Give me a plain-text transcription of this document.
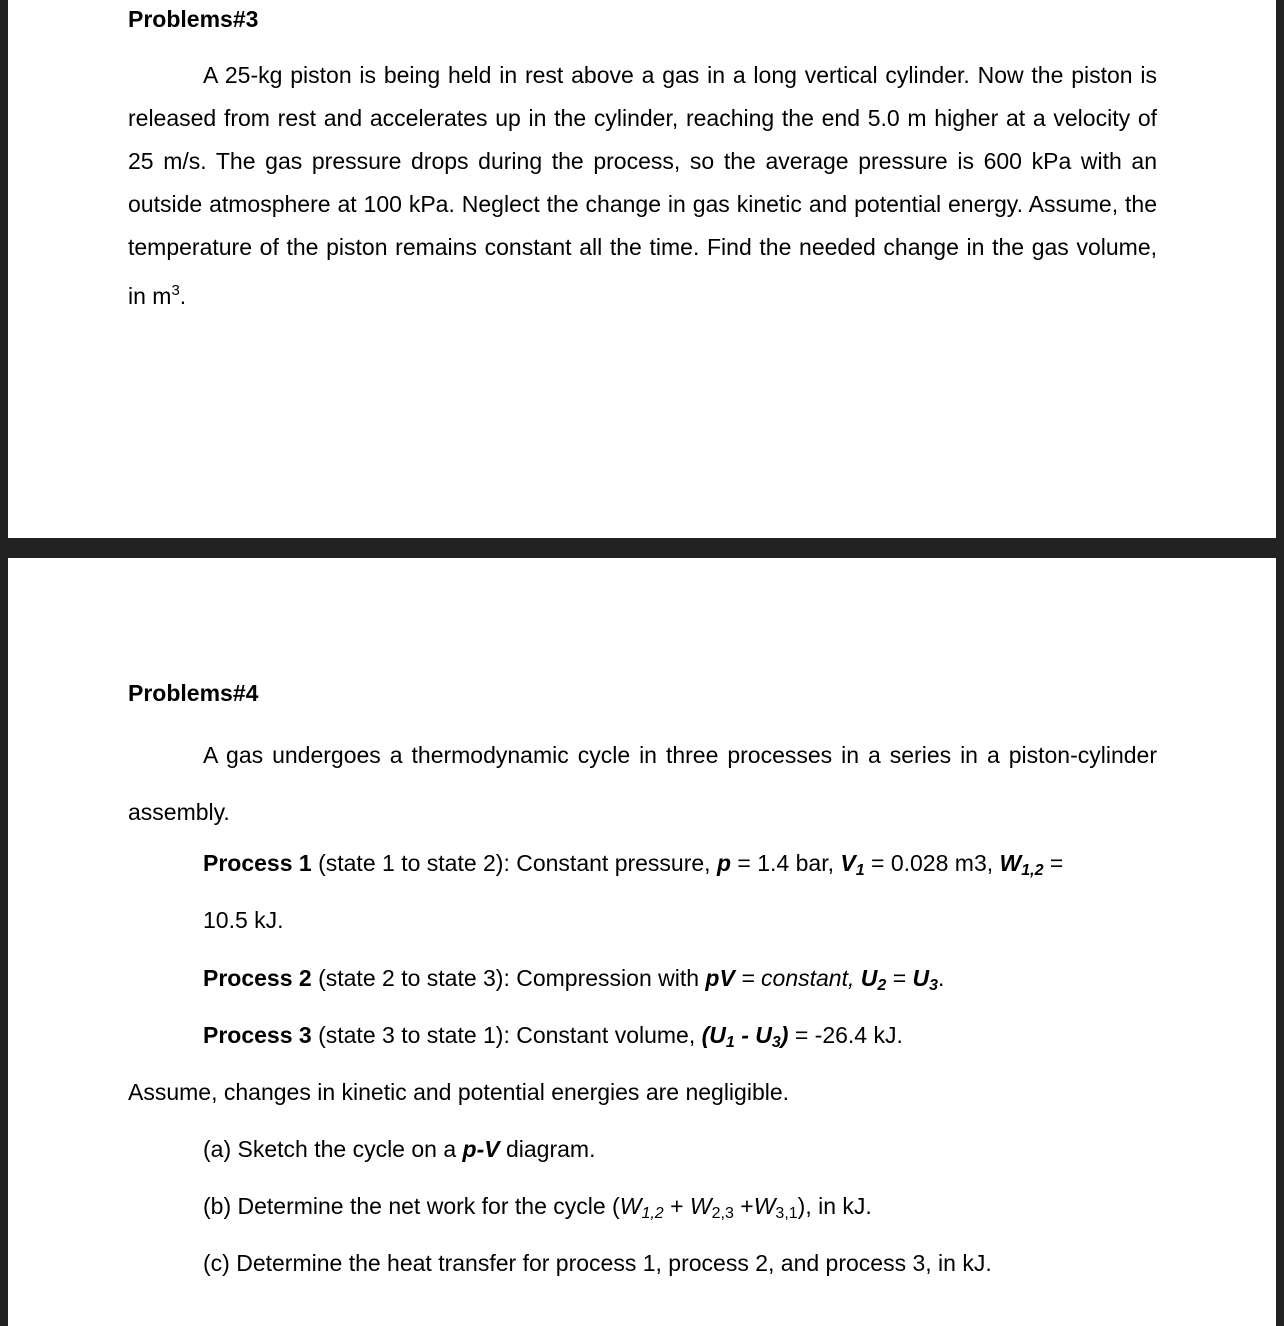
Problems#3

A 25-kg piston is being held in rest above a gas in a long vertical cylinder. Now the piston is released from rest and accelerates up in the cylinder, reaching the end 5.0 m higher at a velocity of 25 m/s. The gas pressure drops during the process, so the average pressure is 600 kPa with an outside atmosphere at 100 kPa. Neglect the change in gas kinetic and potential energy. Assume, the temperature of the piston remains constant all the time. Find the needed change in the gas volume, in $m^3$.

Problems#4

A gas undergoes a thermodynamic cycle in three processes in a series in a piston-cylinder assembly.

Process 1 (state 1 to state 2): Constant pressure, p = 1.4 bar, $V_1 = 0.028$ m3, $W_{1,2}$ =

10.5 kJ.

Process 2 (state 2 to state 3): Compression with pV = constant, $U_2 = U_3$.

Process 3 (state 3 to state 1): Constant volume, $(U_1 - U_3) = -26.4$ kJ.

Assume, changes in kinetic and potential energies are negligible.

(a) Sketch the cycle on a p-V diagram.

(b) Determine the net work for the cycle $(W_{1,2} + W_{2,3} +W_{3,1})$, in kJ.

(c) Determine the heat transfer for process 1, process 2, and process 3, in kJ.
